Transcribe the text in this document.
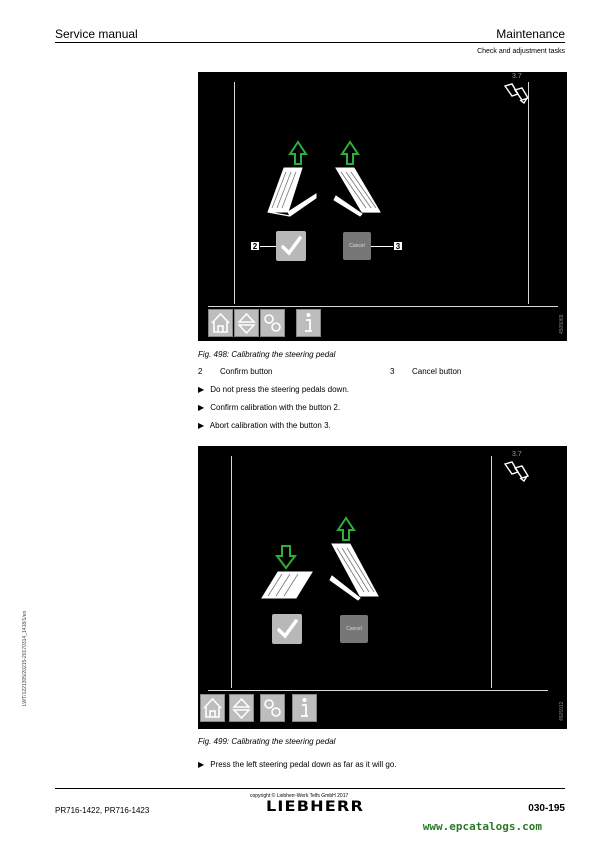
Service manual	Maintenance
Check and adjustment tasks
3.7
Cancel
2	3
4505069
Fig. 498: Calibrating the steering pedal
2 Confirm button	3 Cancel button
▶ Do not press the steering pedals down.
▶ Confirm calibration with the button 2.
▶ Abort calibration with the button 3.
3.7
Cancel
4505912
Fig. 499: Calibrating the steering pedal
▶ Press the left steering pedal down as far as it will go.
LWT/1221305/20215-20170314_1418/1/en
copyright © Liebherr-Werk Telfs GmbH 2017
PR716-1422, PR716-1423	LIEBHERR	030-195
www.epcatalogs.com
